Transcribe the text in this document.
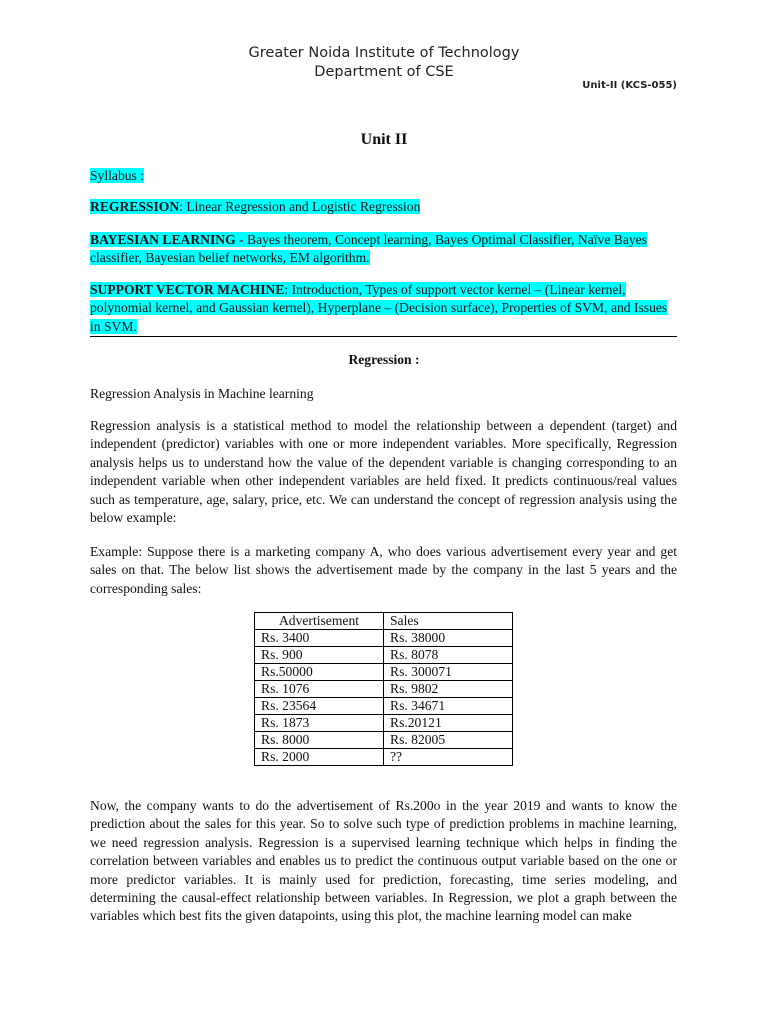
Greater Noida Institute of Technology
Department of CSE
Unit-II (KCS-055)
Unit II
Syllabus :
REGRESSION: Linear Regression and Logistic Regression
BAYESIAN LEARNING - Bayes theorem, Concept learning, Bayes Optimal Classifier, Naïve Bayes classifier, Bayesian belief networks, EM algorithm.
SUPPORT VECTOR MACHINE: Introduction, Types of support vector kernel – (Linear kernel, polynomial kernel, and Gaussian kernel), Hyperplane – (Decision surface), Properties of SVM, and Issues in SVM.
Regression :
Regression Analysis in Machine learning
Regression analysis is a statistical method to model the relationship between a dependent (target) and independent (predictor) variables with one or more independent variables. More specifically, Regression analysis helps us to understand how the value of the dependent variable is changing corresponding to an independent variable when other independent variables are held fixed. It predicts continuous/real values such as temperature, age, salary, price, etc. We can understand the concept of regression analysis using the below example:
Example: Suppose there is a marketing company A, who does various advertisement every year and get sales on that. The below list shows the advertisement made by the company in the last 5 years and the corresponding sales:
Advertisement	Sales
Rs. 3400	Rs. 38000
Rs. 900	Rs. 8078
Rs.50000	Rs. 300071
Rs. 1076	Rs. 9802
Rs. 23564	Rs. 34671
Rs. 1873	Rs.20121
Rs. 8000	Rs. 82005
Rs. 2000	??
Now, the company wants to do the advertisement of Rs.200o in the year 2019 and wants to know the prediction about the sales for this year. So to solve such type of prediction problems in machine learning, we need regression analysis. Regression is a supervised learning technique which helps in finding the correlation between variables and enables us to predict the continuous output variable based on the one or more predictor variables. It is mainly used for prediction, forecasting, time series modeling, and determining the causal-effect relationship between variables. In Regression, we plot a graph between the variables which best fits the given datapoints, using this plot, the machine learning model can make
